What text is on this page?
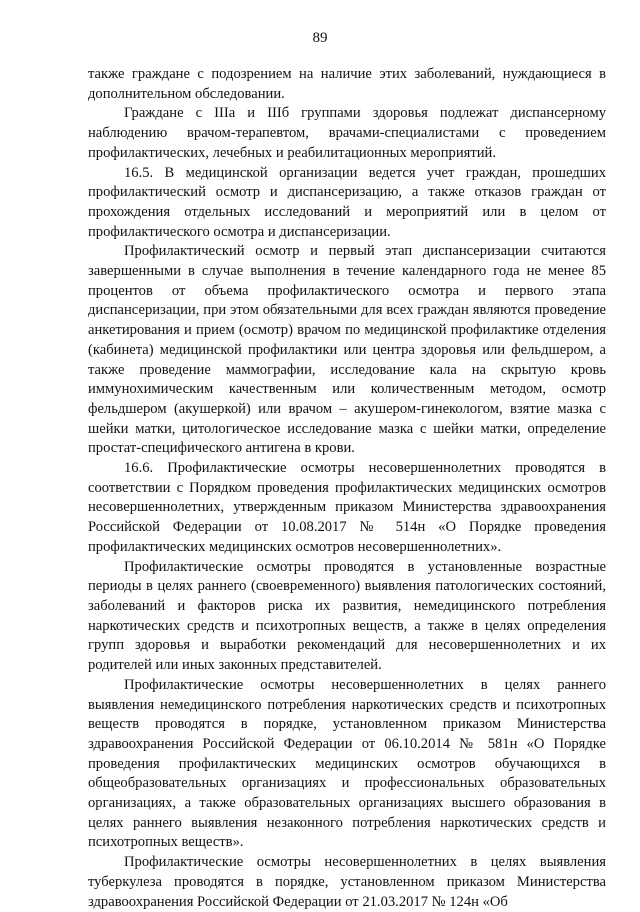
89

также граждане с подозрением на наличие этих заболеваний, нуждающиеся в дополнительном обследовании.

Граждане с IIIа и IIIб группами здоровья подлежат диспансерному наблюдению врачом-терапевтом, врачами-специалистами с проведением профилактических, лечебных и реабилитационных мероприятий.

16.5. В медицинской организации ведется учет граждан, прошедших профилактический осмотр и диспансеризацию, а также отказов граждан от прохождения отдельных исследований и мероприятий или в целом от профилактического осмотра и диспансеризации.

Профилактический осмотр и первый этап диспансеризации считаются завершенными в случае выполнения в течение календарного года не менее 85 процентов от объема профилактического осмотра и первого этапа диспансеризации, при этом обязательными для всех граждан являются проведение анкетирования и прием (осмотр) врачом по медицинской профилактике отделения (кабинета) медицинской профилактики или центра здоровья или фельдшером, а также проведение маммографии, исследование кала на скрытую кровь иммунохимическим качественным или количественным методом, осмотр фельдшером (акушеркой) или врачом – акушером-гинекологом, взятие мазка с шейки матки, цитологическое исследование мазка с шейки матки, определение простат-специфического антигена в крови.

16.6. Профилактические осмотры несовершеннолетних проводятся в соответствии с Порядком проведения профилактических медицинских осмотров несовершеннолетних, утвержденным приказом Министерства здравоохранения Российской Федерации от 10.08.2017 № 514н «О Порядке проведения профилактических медицинских осмотров несовершеннолетних».

Профилактические осмотры проводятся в установленные возрастные периоды в целях раннего (своевременного) выявления патологических состояний, заболеваний и факторов риска их развития, немедицинского потребления наркотических средств и психотропных веществ, а также в целях определения групп здоровья и выработки рекомендаций для несовершеннолетних и их родителей или иных законных представителей.

Профилактические осмотры несовершеннолетних в целях раннего выявления немедицинского потребления наркотических средств и психотропных веществ проводятся в порядке, установленном приказом Министерства здравоохранения Российской Федерации от 06.10.2014 № 581н «О Порядке проведения профилактических медицинских осмотров обучающихся в общеобразовательных организациях и профессиональных образовательных организациях, а также образовательных организациях высшего образования в целях раннего выявления незаконного потребления наркотических средств и психотропных веществ».

Профилактические осмотры несовершеннолетних в целях выявления туберкулеза проводятся в порядке, установленном приказом Министерства здравоохранения Российской Федерации от 21.03.2017 № 124н «Об
